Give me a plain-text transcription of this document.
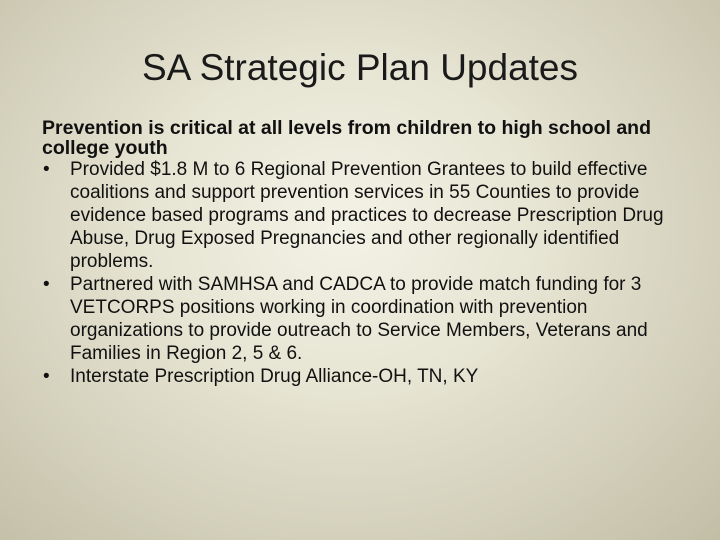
SA Strategic Plan Updates

Prevention is critical at all levels from children to high school and college youth

• Provided $1.8 M to 6 Regional Prevention Grantees to build effective coalitions and support prevention services in 55 Counties to provide evidence based programs and practices to decrease Prescription Drug Abuse, Drug Exposed Pregnancies and other regionally identified problems.
• Partnered with SAMHSA and CADCA to provide match funding for 3 VETCORPS positions working in coordination with prevention organizations to provide outreach to Service Members, Veterans and Families in Region 2, 5 & 6.
• Interstate Prescription Drug Alliance-OH, TN, KY
